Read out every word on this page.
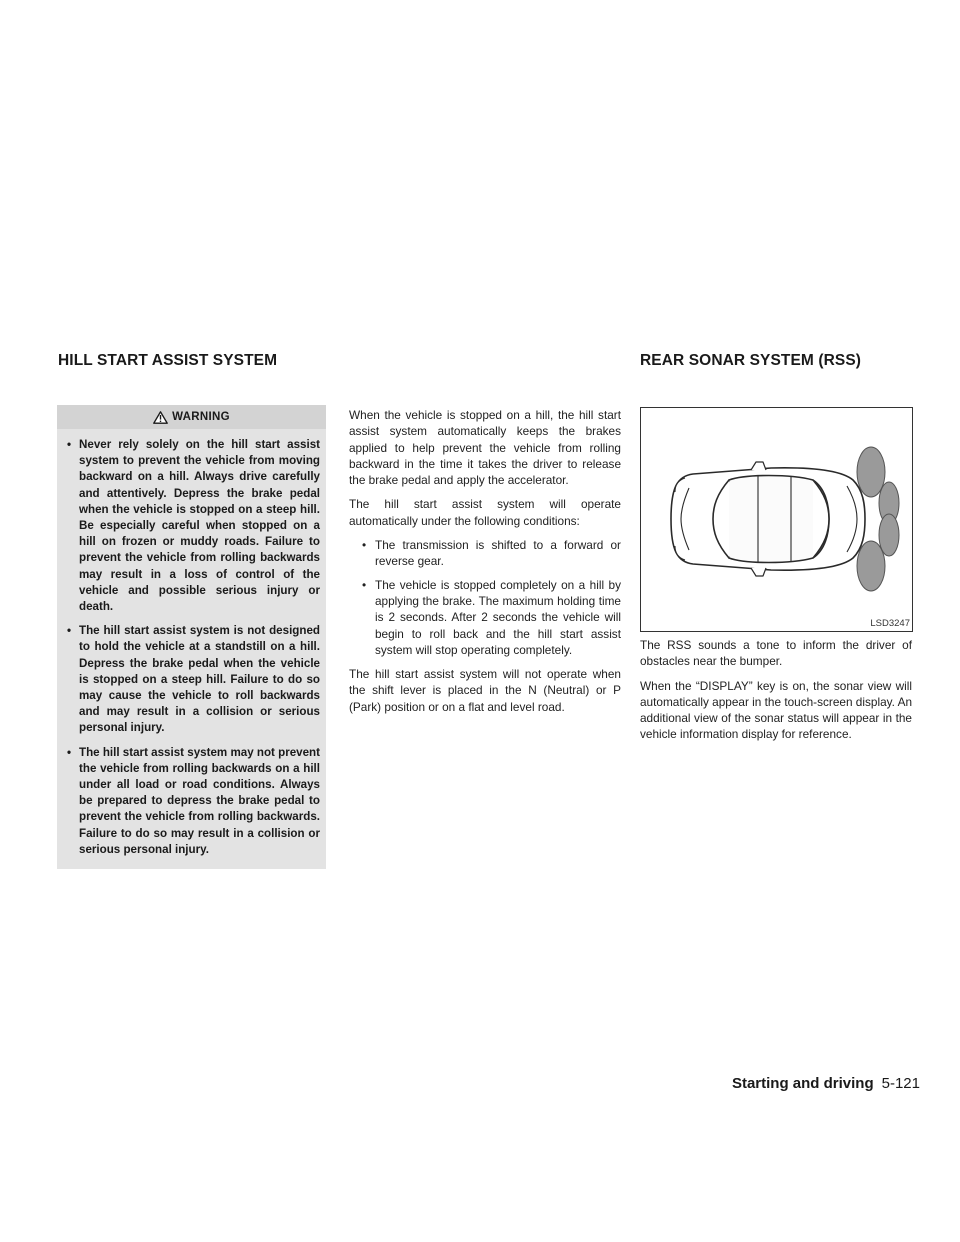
HILL START ASSIST SYSTEM	REAR SONAR SYSTEM (RSS)
WARNING
• Never rely solely on the hill start assist system to prevent the vehicle from moving backward on a hill. Always drive carefully and attentively. Depress the brake pedal when the vehicle is stopped on a steep hill. Be especially careful when stopped on a hill on frozen or muddy roads. Failure to prevent the vehicle from rolling backwards may result in a loss of control of the vehicle and possible serious injury or death.
• The hill start assist system is not designed to hold the vehicle at a standstill on a hill. Depress the brake pedal when the vehicle is stopped on a steep hill. Failure to do so may cause the vehicle to roll backwards and may result in a collision or serious personal injury.
• The hill start assist system may not prevent the vehicle from rolling backwards on a hill under all load or road conditions. Always be prepared to depress the brake pedal to prevent the vehicle from rolling backwards. Failure to do so may result in a collision or serious personal injury.

When the vehicle is stopped on a hill, the hill start assist system automatically keeps the brakes applied to help prevent the vehicle from rolling backward in the time it takes the driver to release the brake pedal and apply the accelerator.

The hill start assist system will operate automatically under the following conditions:

• The transmission is shifted to a forward or reverse gear.
• The vehicle is stopped completely on a hill by applying the brake. The maximum holding time is 2 seconds. After 2 seconds the vehicle will begin to roll back and the hill start assist system will stop operating completely.

The hill start assist system will not operate when the shift lever is placed in the N (Neutral) or P (Park) position or on a flat and level road.

LSD3247

The RSS sounds a tone to inform the driver of obstacles near the bumper.

When the “DISPLAY” key is on, the sonar view will automatically appear in the touch-screen display. An additional view of the sonar status will appear in the vehicle information display for reference.

Starting and driving 5-121
